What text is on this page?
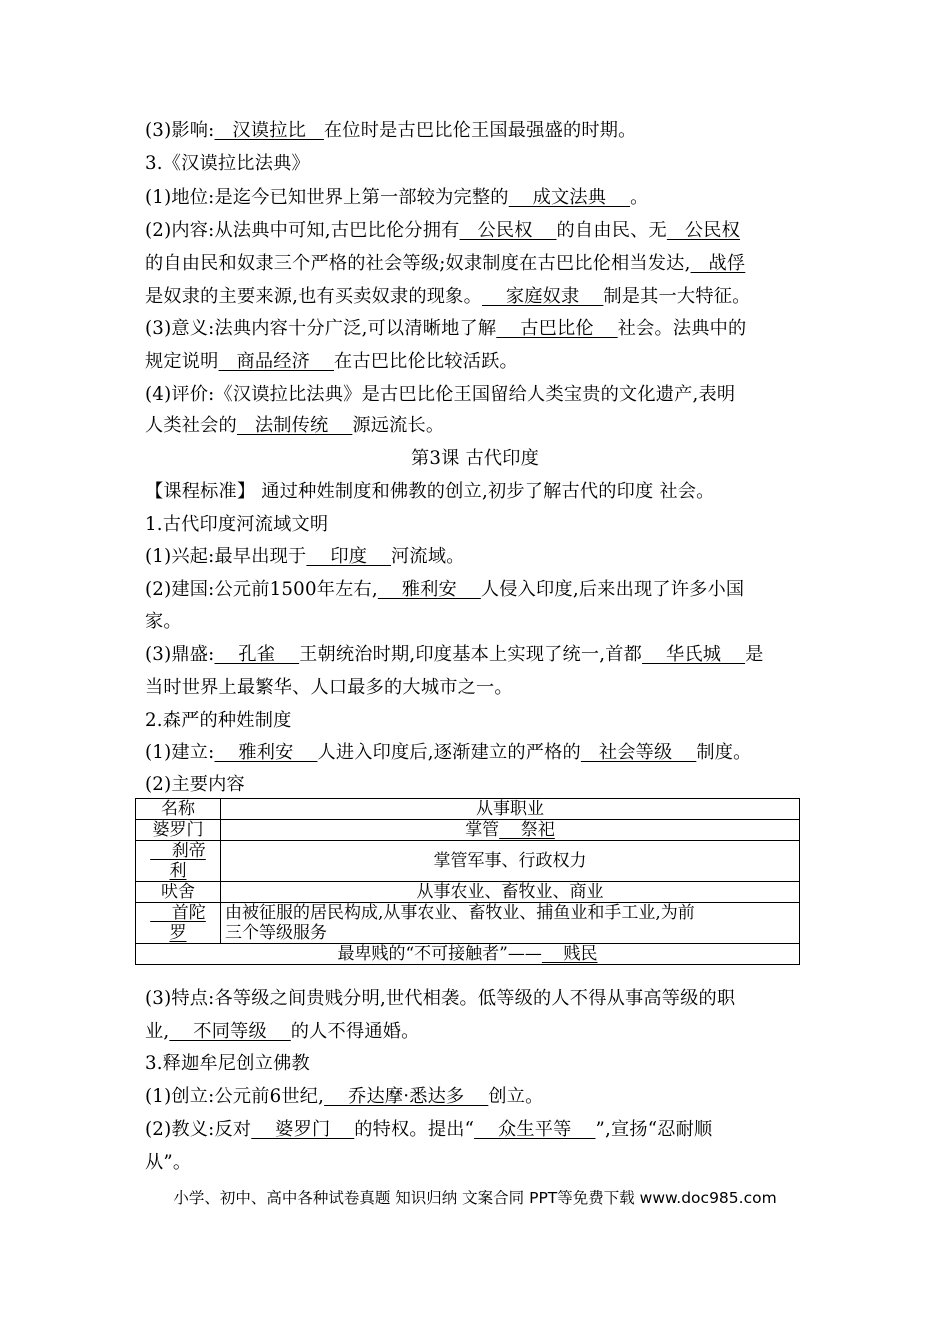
(3)影响:   汉谟拉比   在位时是古巴比伦王国最强盛的时期。
3.《汉谟拉比法典》
(1)地位:是迄今已知世界上第一部较为完整的    成文法典    。
(2)内容:从法典中可知,古巴比伦分拥有   公民权    的自由民、无   公民权
的自由民和奴隶三个严格的社会等级;奴隶制度在古巴比伦相当发达,   战俘
是奴隶的主要来源,也有买卖奴隶的现象。    家庭奴隶    制是其一大特征。
(3)意义:法典内容十分广泛,可以清晰地了解    古巴比伦    社会。法典中的
规定说明   商品经济    在古巴比伦比较活跃。
(4)评价:《汉谟拉比法典》是古巴比伦王国留给人类宝贵的文化遗产,表明
人类社会的   法制传统    源远流长。
第3课 古代印度
【课程标准】 通过种姓制度和佛教的创立,初步了解古代的印度 社会。
1.古代印度河流域文明
(1)兴起:最早出现于    印度    河流域。
(2)建国:公元前1500年左右,    雅利安    人侵入印度,后来出现了许多小国
家。
(3)鼎盛:    孔雀    王朝统治时期,印度基本上实现了统一,首都    华氏城    是
当时世界上最繁华、人口最多的大城市之一。
2.森严的种姓制度
(1)建立:    雅利安    人进入印度后,逐渐建立的严格的   社会等级    制度。
(2)主要内容
名称	从事职业
婆罗门	掌管    祭祀
刹帝
利	掌管军事、行政权力
吠舍	从事农业、畜牧业、商业
首陀
罗	由被征服的居民构成,从事农业、畜牧业、捕鱼业和手工业,为前
三个等级服务
最卑贱的“不可接触者”——    贱民	
(3)特点:各等级之间贵贱分明,世代相袭。低等级的人不得从事高等级的职
业,    不同等级    的人不得通婚。
3.释迦牟尼创立佛教
(1)创立:公元前6世纪,    乔达摩·悉达多    创立。
(2)教义:反对    婆罗门    的特权。提出“    众生平等    ”,宣扬“忍耐顺
从”。
小学、初中、高中各种试卷真题 知识归纳 文案合同 PPT等免费下载 www.doc985.com
